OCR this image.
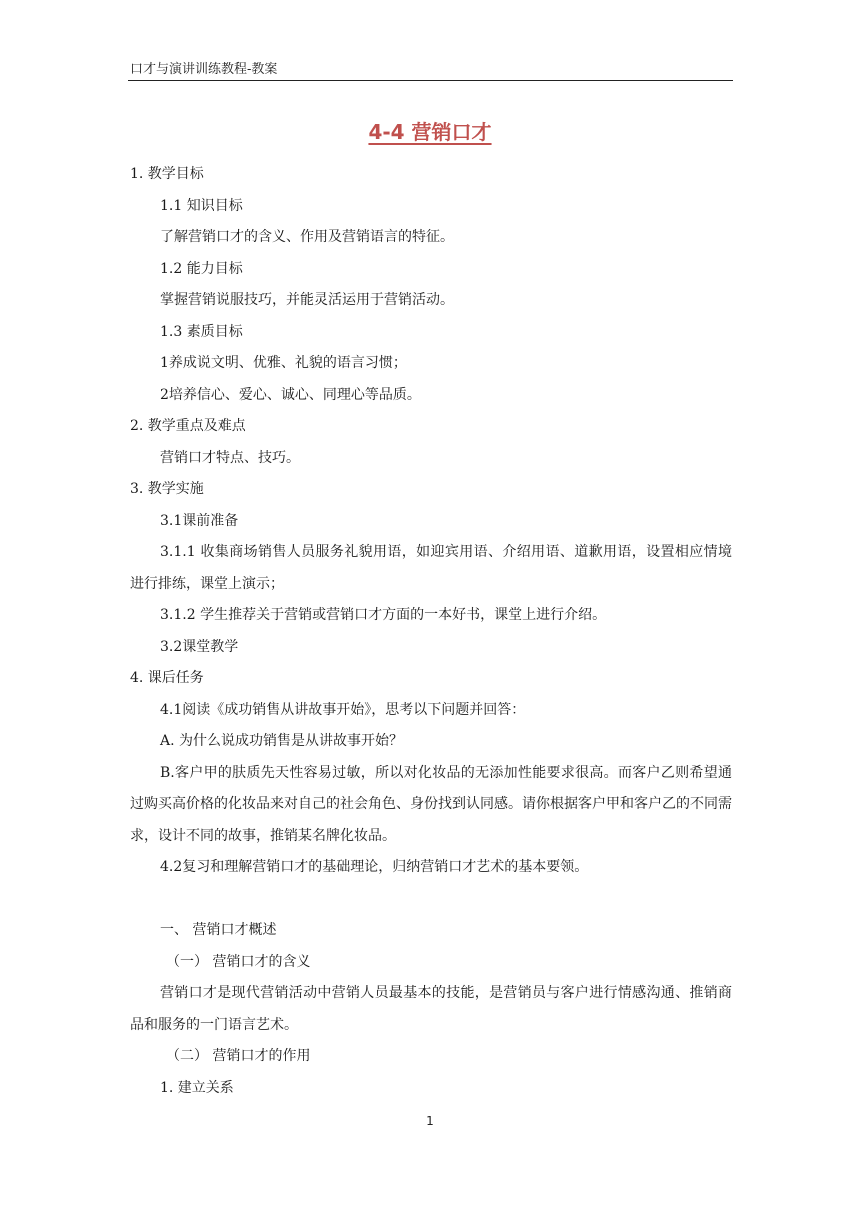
口才与演讲训练教程-教案
4-4 营销口才

1. 教学目标

1.1 知识目标

了解营销口才的含义、作用及营销语言的特征。

1.2 能力目标

掌握营销说服技巧，并能灵活运用于营销活动。

1.3 素质目标

1养成说文明、优雅、礼貌的语言习惯；

2培养信心、爱心、诚心、同理心等品质。

2. 教学重点及难点

营销口才特点、技巧。

3. 教学实施

3.1课前准备

3.1.1 收集商场销售人员服务礼貌用语，如迎宾用语、介绍用语、道歉用语，设置相应情境进行排练，课堂上演示；

3.1.2 学生推荐关于营销或营销口才方面的一本好书，课堂上进行介绍。

3.2课堂教学

4. 课后任务

4.1阅读《成功销售从讲故事开始》，思考以下问题并回答：

A. 为什么说成功销售是从讲故事开始？

B.客户甲的肤质先天性容易过敏，所以对化妆品的无添加性能要求很高。而客户乙则希望通过购买高价格的化妆品来对自己的社会角色、身份找到认同感。请你根据客户甲和客户乙的不同需求，设计不同的故事，推销某名牌化妆品。

4.2复习和理解营销口才的基础理论，归纳营销口才艺术的基本要领。

一、 营销口才概述

（一） 营销口才的含义

营销口才是现代营销活动中营销人员最基本的技能，是营销员与客户进行情感沟通、推销商品和服务的一门语言艺术。

（二） 营销口才的作用

1. 建立关系

1
